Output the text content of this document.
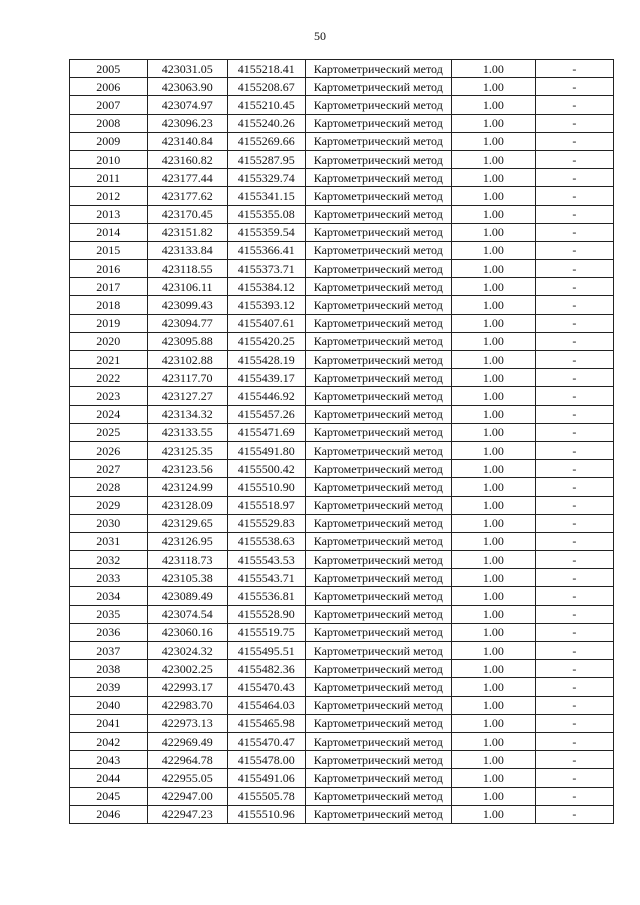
50
2005	423031.05	4155218.41	Картометрический метод	1.00	-
2006	423063.90	4155208.67	Картометрический метод	1.00	-
2007	423074.97	4155210.45	Картометрический метод	1.00	-
2008	423096.23	4155240.26	Картометрический метод	1.00	-
2009	423140.84	4155269.66	Картометрический метод	1.00	-
2010	423160.82	4155287.95	Картометрический метод	1.00	-
2011	423177.44	4155329.74	Картометрический метод	1.00	-
2012	423177.62	4155341.15	Картометрический метод	1.00	-
2013	423170.45	4155355.08	Картометрический метод	1.00	-
2014	423151.82	4155359.54	Картометрический метод	1.00	-
2015	423133.84	4155366.41	Картометрический метод	1.00	-
2016	423118.55	4155373.71	Картометрический метод	1.00	-
2017	423106.11	4155384.12	Картометрический метод	1.00	-
2018	423099.43	4155393.12	Картометрический метод	1.00	-
2019	423094.77	4155407.61	Картометрический метод	1.00	-
2020	423095.88	4155420.25	Картометрический метод	1.00	-
2021	423102.88	4155428.19	Картометрический метод	1.00	-
2022	423117.70	4155439.17	Картометрический метод	1.00	-
2023	423127.27	4155446.92	Картометрический метод	1.00	-
2024	423134.32	4155457.26	Картометрический метод	1.00	-
2025	423133.55	4155471.69	Картометрический метод	1.00	-
2026	423125.35	4155491.80	Картометрический метод	1.00	-
2027	423123.56	4155500.42	Картометрический метод	1.00	-
2028	423124.99	4155510.90	Картометрический метод	1.00	-
2029	423128.09	4155518.97	Картометрический метод	1.00	-
2030	423129.65	4155529.83	Картометрический метод	1.00	-
2031	423126.95	4155538.63	Картометрический метод	1.00	-
2032	423118.73	4155543.53	Картометрический метод	1.00	-
2033	423105.38	4155543.71	Картометрический метод	1.00	-
2034	423089.49	4155536.81	Картометрический метод	1.00	-
2035	423074.54	4155528.90	Картометрический метод	1.00	-
2036	423060.16	4155519.75	Картометрический метод	1.00	-
2037	423024.32	4155495.51	Картометрический метод	1.00	-
2038	423002.25	4155482.36	Картометрический метод	1.00	-
2039	422993.17	4155470.43	Картометрический метод	1.00	-
2040	422983.70	4155464.03	Картометрический метод	1.00	-
2041	422973.13	4155465.98	Картометрический метод	1.00	-
2042	422969.49	4155470.47	Картометрический метод	1.00	-
2043	422964.78	4155478.00	Картометрический метод	1.00	-
2044	422955.05	4155491.06	Картометрический метод	1.00	-
2045	422947.00	4155505.78	Картометрический метод	1.00	-
2046	422947.23	4155510.96	Картометрический метод	1.00	-
